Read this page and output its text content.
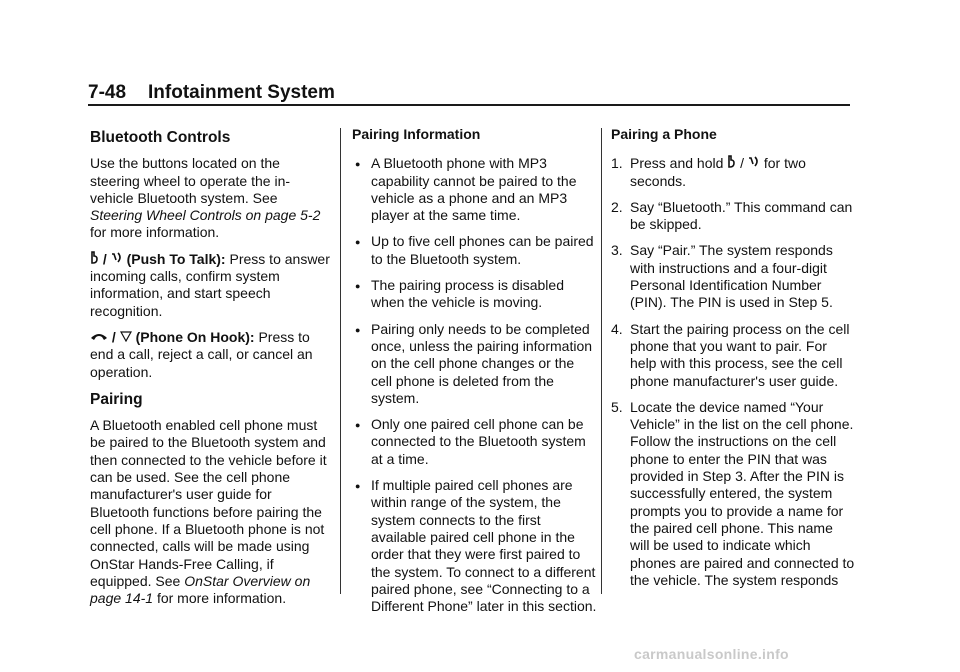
7-48 Infotainment System
Bluetooth Controls

Use the buttons located on the steering wheel to operate the in-vehicle Bluetooth system. See Steering Wheel Controls on page 5-2 for more information.

/  (Push To Talk): Press to answer incoming calls, confirm system information, and start speech recognition.

/  (Phone On Hook): Press to end a call, reject a call, or cancel an operation.

Pairing

A Bluetooth enabled cell phone must be paired to the Bluetooth system and then connected to the vehicle before it can be used. See the cell phone manufacturer's user guide for Bluetooth functions before pairing the cell phone. If a Bluetooth phone is not connected, calls will be made using OnStar Hands-Free Calling, if equipped. See OnStar Overview on page 14-1 for more information.

Pairing Information
● A Bluetooth phone with MP3 capability cannot be paired to the vehicle as a phone and an MP3 player at the same time.
● Up to five cell phones can be paired to the Bluetooth system.
● The pairing process is disabled when the vehicle is moving.
● Pairing only needs to be completed once, unless the pairing information on the cell phone changes or the cell phone is deleted from the system.
● Only one paired cell phone can be connected to the Bluetooth system at a time.
● If multiple paired cell phones are within range of the system, the system connects to the first available paired cell phone in the order that they were first paired to the system. To connect to a different paired phone, see “Connecting to a Different Phone” later in this section.
Pairing a Phone
1. Press and hold  /  for two seconds.
2. Say “Bluetooth.” This command can be skipped.
3. Say “Pair.” The system responds with instructions and a four-digit Personal Identification Number (PIN). The PIN is used in Step 5.
4. Start the pairing process on the cell phone that you want to pair. For help with this process, see the cell phone manufacturer's user guide.
5. Locate the device named “Your Vehicle” in the list on the cell phone. Follow the instructions on the cell phone to enter the PIN that was provided in Step 3. After the PIN is successfully entered, the system prompts you to provide a name for the paired cell phone. This name will be used to indicate which phones are paired and connected to the vehicle. The system responds
carmanualsonline.info
